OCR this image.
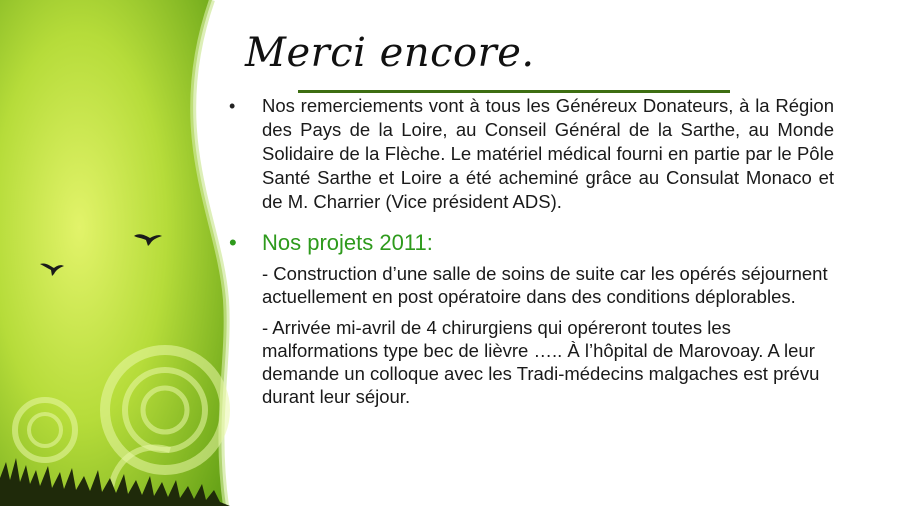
Merci encore.
• Nos remerciements vont à tous les Généreux Donateurs, à la Région des Pays de la Loire, au Conseil Général de la Sarthe, au Monde Solidaire de la Flèche. Le matériel médical fourni en partie par le Pôle Santé Sarthe et Loire a été acheminé grâce au Consulat Monaco et de M. Charrier (Vice président ADS).
• Nos projets 2011:
- Construction d’une salle de soins de suite car les opérés séjournent actuellement en post opératoire dans des conditions déplorables.
- Arrivée mi-avril de 4 chirurgiens qui opéreront toutes les malformations type bec de lièvre ….. À l’hôpital de Marovoay. A leur demande un colloque avec les Tradi-médecins malgaches est prévu durant leur séjour.
